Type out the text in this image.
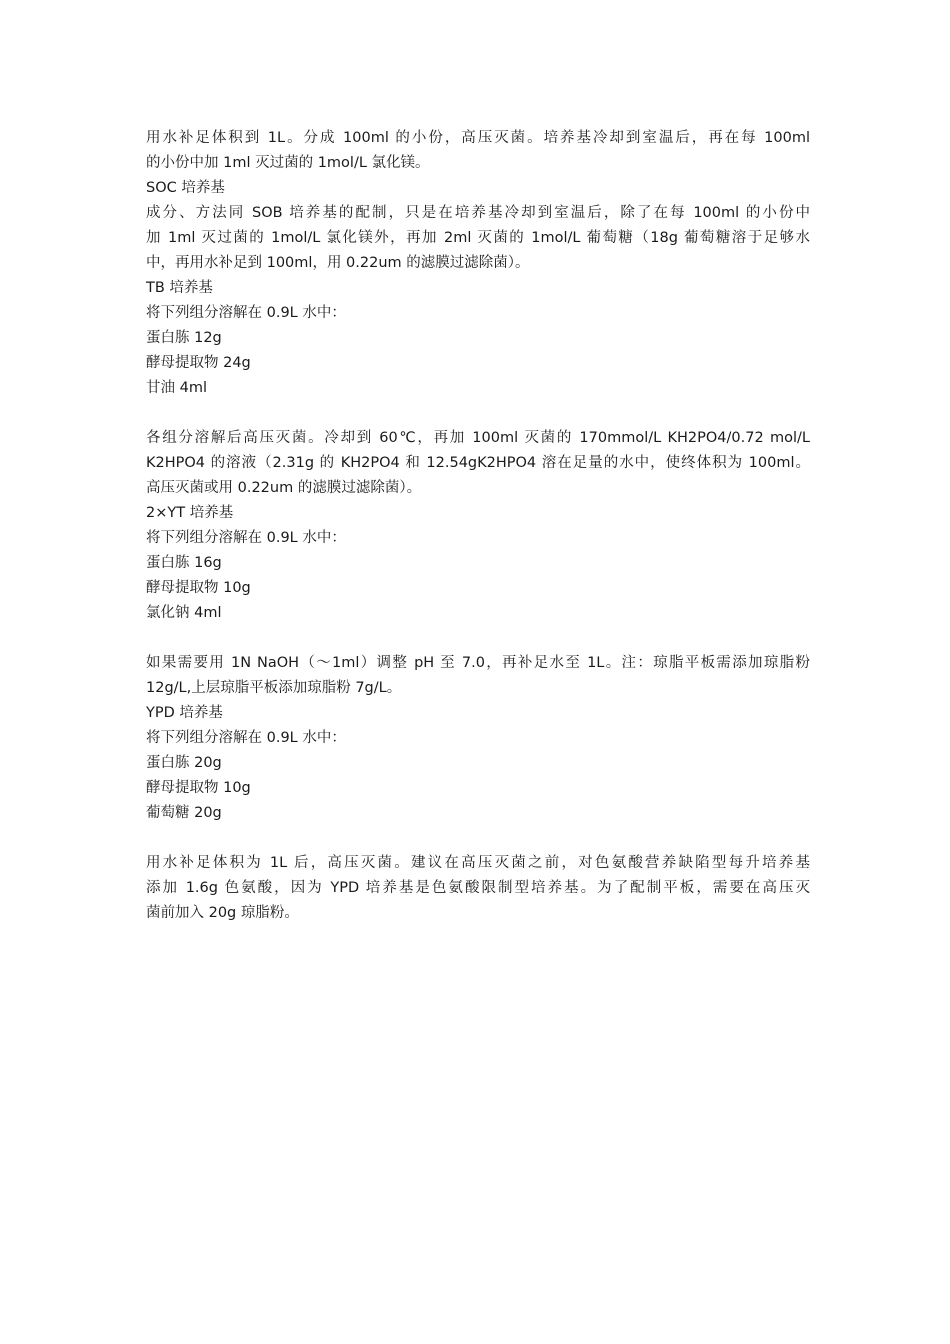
用水补足体积到 1L。分成 100ml 的小份，高压灭菌。培养基冷却到室温后，再在每 100ml
的小份中加 1ml 灭过菌的 1mol/L 氯化镁。
SOC 培养基
成分、方法同 SOB 培养基的配制，只是在培养基冷却到室温后，除了在每 100ml 的小份中
加 1ml 灭过菌的 1mol/L 氯化镁外，再加 2ml 灭菌的 1mol/L 葡萄糖（18g 葡萄糖溶于足够水
中，再用水补足到 100ml，用 0.22um 的滤膜过滤除菌）。
TB 培养基
将下列组分溶解在 0.9L 水中：
蛋白胨 12g
酵母提取物 24g
甘油 4ml
各组分溶解后高压灭菌。冷却到 60℃，再加 100ml 灭菌的 170mmol/L KH2PO4/0.72 mol/L
K2HPO4 的溶液（2.31g 的 KH2PO4 和 12.54gK2HPO4 溶在足量的水中，使终体积为 100ml。
高压灭菌或用 0.22um 的滤膜过滤除菌）。
2×YT 培养基
将下列组分溶解在 0.9L 水中：
蛋白胨 16g
酵母提取物 10g
氯化钠 4ml
如果需要用 1N NaOH（～1ml）调整 pH 至 7.0，再补足水至 1L。注：琼脂平板需添加琼脂粉
12g/L,上层琼脂平板添加琼脂粉 7g/L。
YPD 培养基
将下列组分溶解在 0.9L 水中：
蛋白胨 20g
酵母提取物 10g
葡萄糖 20g
用水补足体积为 1L 后，高压灭菌。建议在高压灭菌之前，对色氨酸营养缺陷型每升培养基
添加 1.6g 色氨酸，因为 YPD 培养基是色氨酸限制型培养基。为了配制平板，需要在高压灭
菌前加入 20g 琼脂粉。
